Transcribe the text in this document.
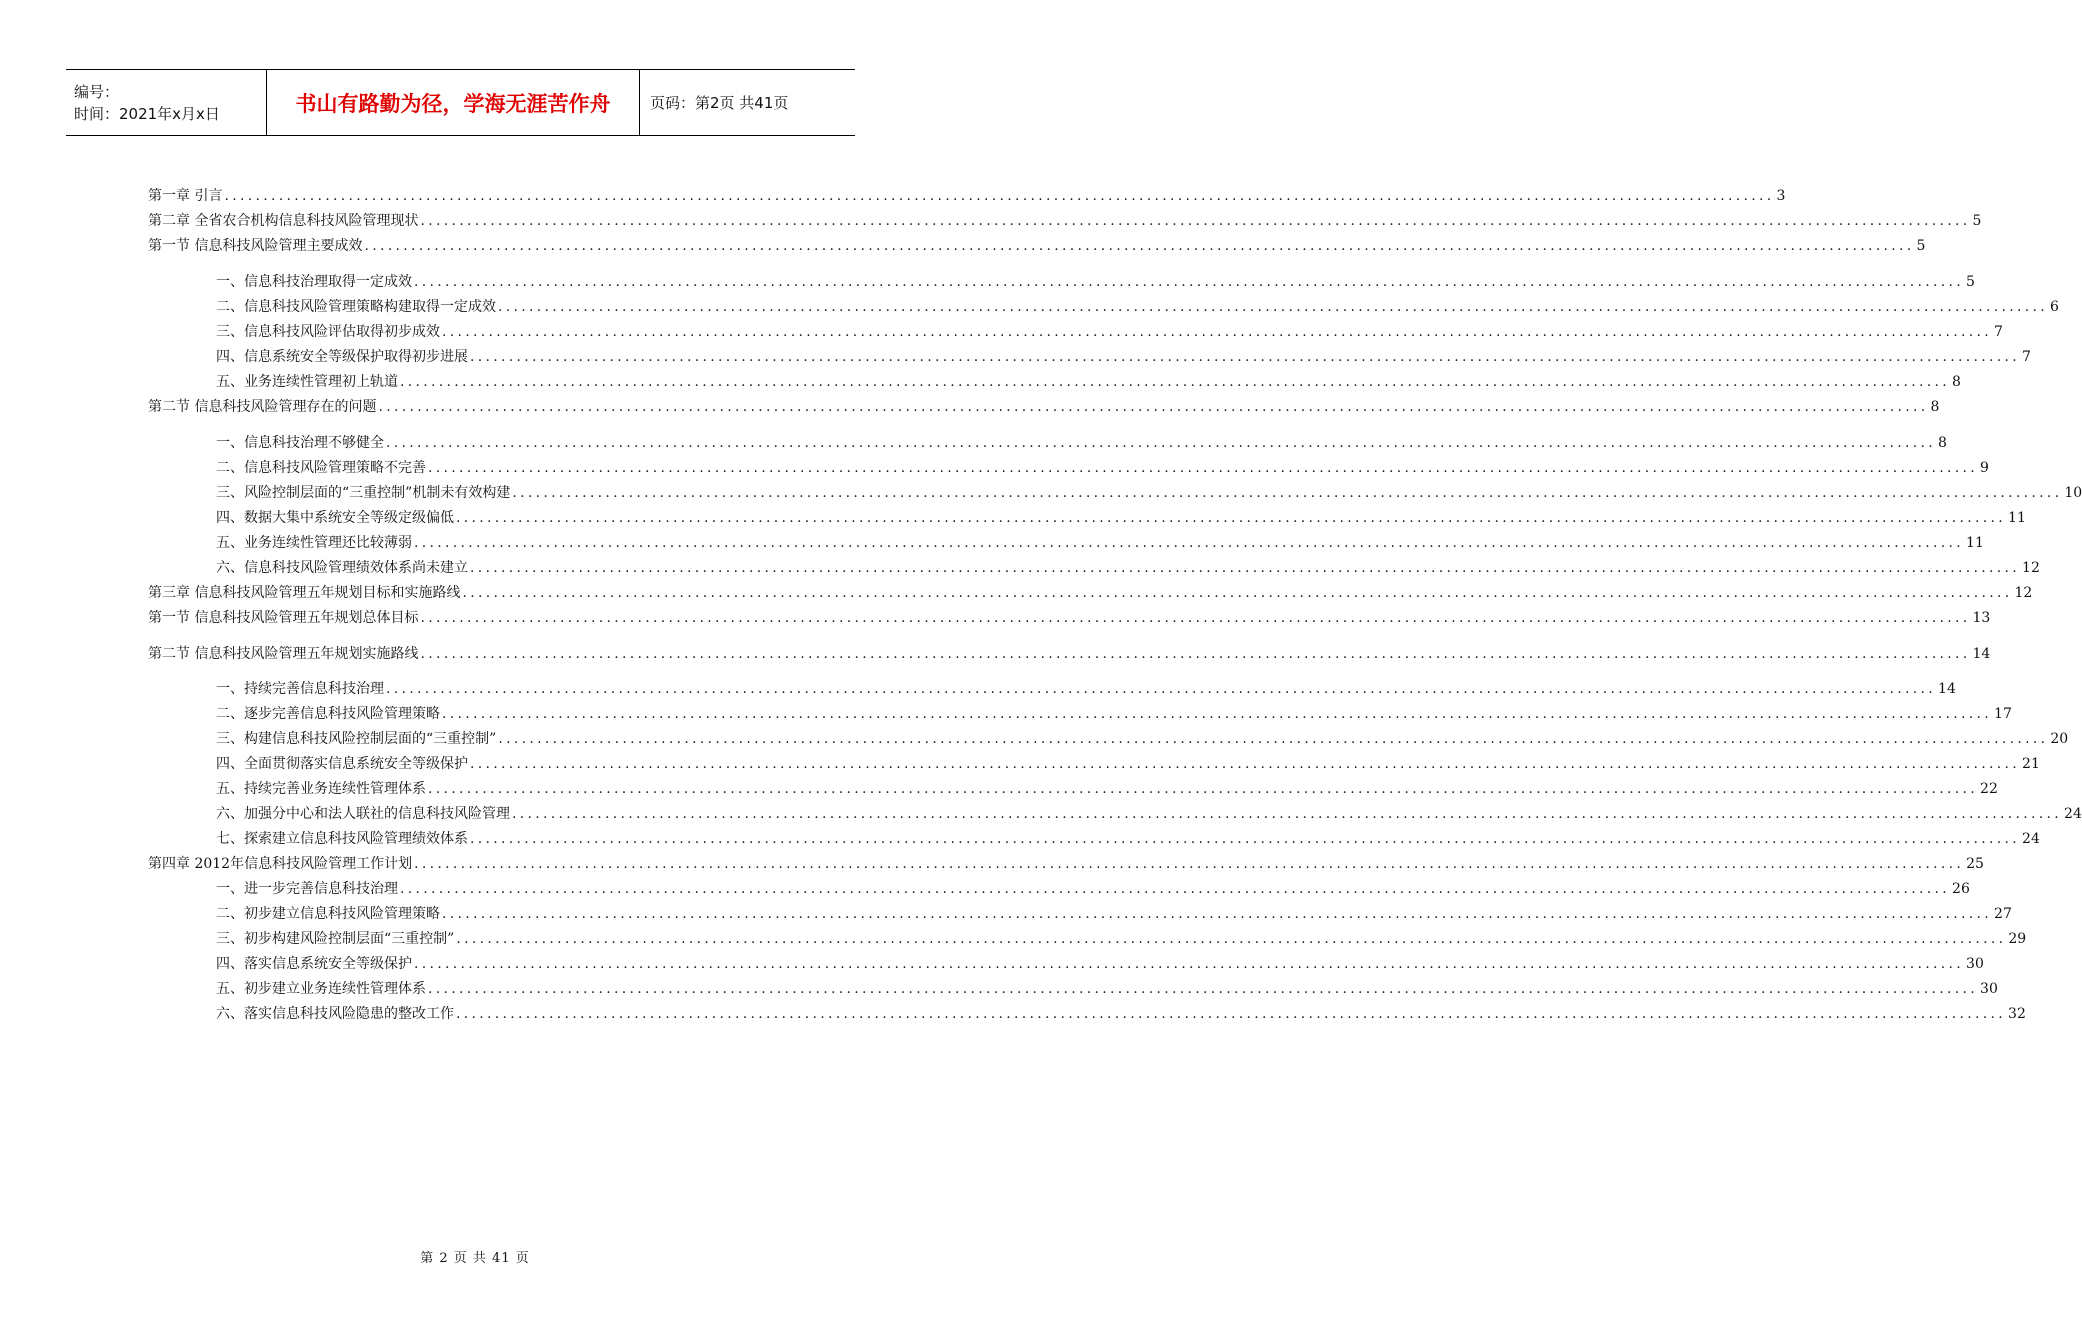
编号：
时间：2021年x月x日	书山有路勤为径，学海无涯苦作舟	页码：第2页 共41页
第一章 引言 ........................................................................................................................................................................................................ 3
第二章 全省农合机构信息科技风险管理现状 ........................................................................................................................................................................................................ 5
第一节 信息科技风险管理主要成效 ........................................................................................................................................................................................................ 5
一、信息科技治理取得一定成效 ........................................................................................................................................................................................................ 5
二、信息科技风险管理策略构建取得一定成效 ........................................................................................................................................................................................................ 6
三、信息科技风险评估取得初步成效 ........................................................................................................................................................................................................ 7
四、信息系统安全等级保护取得初步进展 ........................................................................................................................................................................................................ 7
五、业务连续性管理初上轨道 ........................................................................................................................................................................................................ 8
第二节 信息科技风险管理存在的问题 ........................................................................................................................................................................................................ 8
一、信息科技治理不够健全 ........................................................................................................................................................................................................ 8
二、信息科技风险管理策略不完善 ........................................................................................................................................................................................................ 9
三、风险控制层面的“三重控制”机制未有效构建 ........................................................................................................................................................................................................ 10
四、数据大集中系统安全等级定级偏低 ........................................................................................................................................................................................................ 11
五、业务连续性管理还比较薄弱 ........................................................................................................................................................................................................ 11
六、信息科技风险管理绩效体系尚未建立 ........................................................................................................................................................................................................ 12
第三章 信息科技风险管理五年规划目标和实施路线 ........................................................................................................................................................................................................ 12
第一节 信息科技风险管理五年规划总体目标 ........................................................................................................................................................................................................ 13
第二节 信息科技风险管理五年规划实施路线 ........................................................................................................................................................................................................ 14
一、持续完善信息科技治理 ........................................................................................................................................................................................................ 14
二、逐步完善信息科技风险管理策略 ........................................................................................................................................................................................................ 17
三、构建信息科技风险控制层面的“三重控制” ........................................................................................................................................................................................................ 20
四、全面贯彻落实信息系统安全等级保护 ........................................................................................................................................................................................................ 21
五、持续完善业务连续性管理体系 ........................................................................................................................................................................................................ 22
六、加强分中心和法人联社的信息科技风险管理 ........................................................................................................................................................................................................ 24
七、探索建立信息科技风险管理绩效体系 ........................................................................................................................................................................................................ 24
第四章 2012年信息科技风险管理工作计划 ........................................................................................................................................................................................................ 25
一、进一步完善信息科技治理 ........................................................................................................................................................................................................ 26
二、初步建立信息科技风险管理策略 ........................................................................................................................................................................................................ 27
三、初步构建风险控制层面“三重控制” ........................................................................................................................................................................................................ 29
四、落实信息系统安全等级保护 ........................................................................................................................................................................................................ 30
五、初步建立业务连续性管理体系 ........................................................................................................................................................................................................ 30
六、落实信息科技风险隐患的整改工作 ........................................................................................................................................................................................................ 32
第 2 页 共 41 页
